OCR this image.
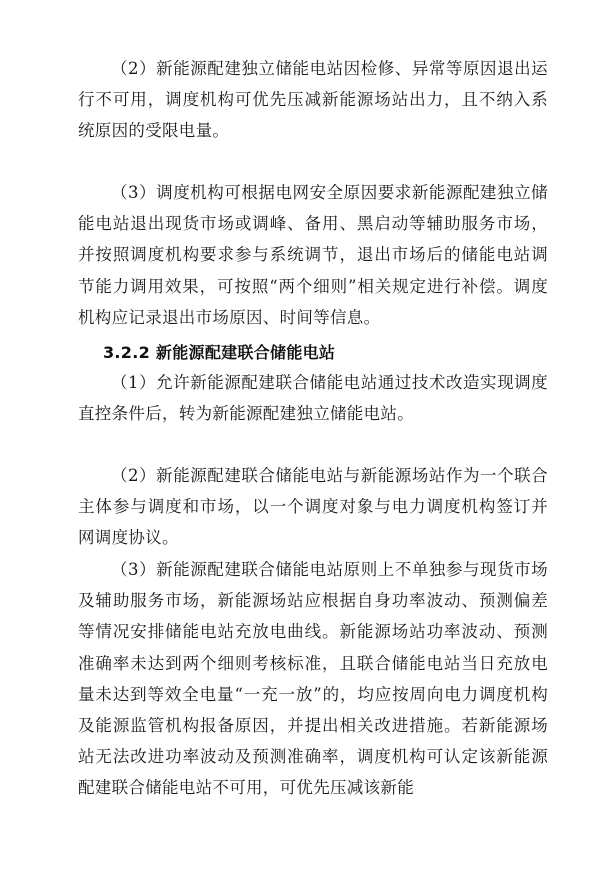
（2）新能源配建独立储能电站因检修、异常等原因退出运行不可用，调度机构可优先压减新能源场站出力，且不纳入系统原因的受限电量。

（3）调度机构可根据电网安全原因要求新能源配建独立储能电站退出现货市场或调峰、备用、黑启动等辅助服务市场，并按照调度机构要求参与系统调节，退出市场后的储能电站调节能力调用效果，可按照“两个细则”相关规定进行补偿。调度机构应记录退出市场原因、时间等信息。

3.2.2 新能源配建联合储能电站

（1）允许新能源配建联合储能电站通过技术改造实现调度直控条件后，转为新能源配建独立储能电站。

（2）新能源配建联合储能电站与新能源场站作为一个联合主体参与调度和市场，以一个调度对象与电力调度机构签订并网调度协议。

（3）新能源配建联合储能电站原则上不单独参与现货市场及辅助服务市场，新能源场站应根据自身功率波动、预测偏差等情况安排储能电站充放电曲线。新能源场站功率波动、预测准确率未达到两个细则考核标准，且联合储能电站当日充放电量未达到等效全电量“一充一放”的，均应按周向电力调度机构及能源监管机构报备原因，并提出相关改进措施。若新能源场站无法改进功率波动及预测准确率，调度机构可认定该新能源配建联合储能电站不可用，可优先压减该新能
